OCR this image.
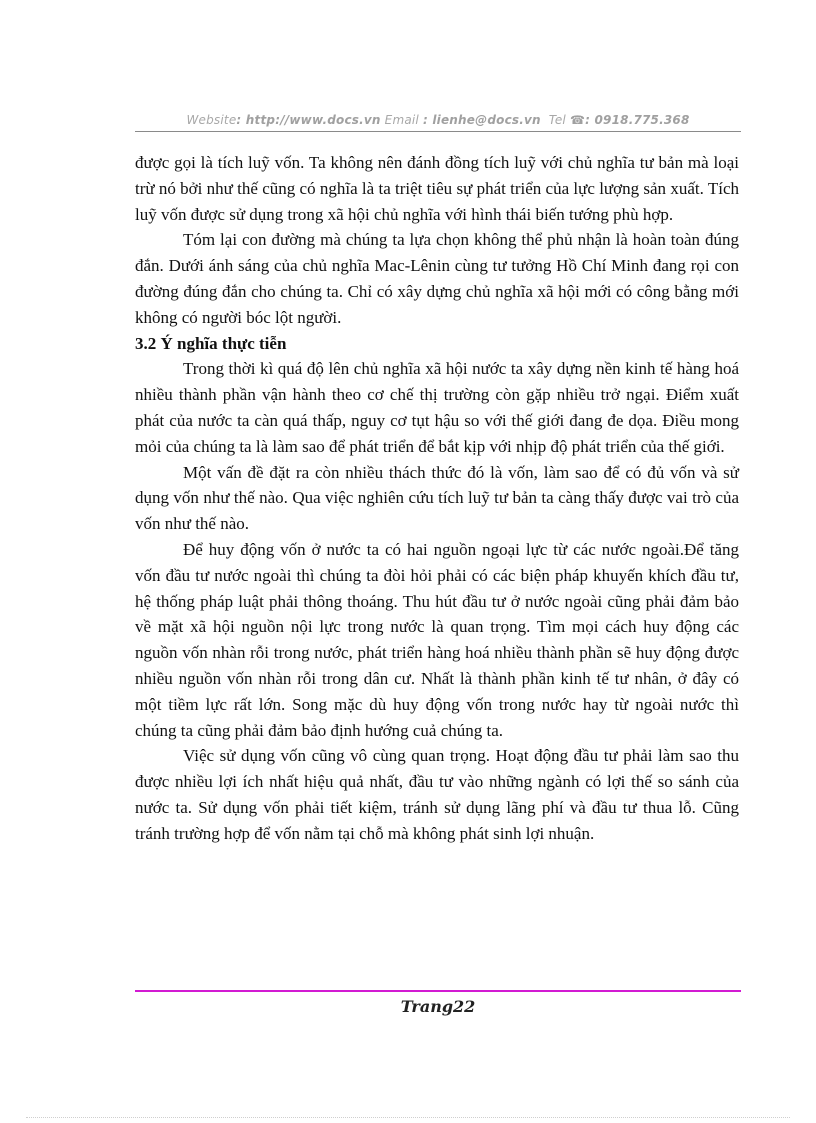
Website: http://www.docs.vn Email : lienhe@docs.vn Tel ☎: 0918.775.368

được gọi là tích luỹ vốn. Ta không nên đánh đồng tích luỹ với chủ nghĩa tư bản mà loại trừ nó bởi như thế cũng có nghĩa là ta triệt tiêu sự phát triển của lực lượng sản xuất. Tích luỹ vốn được sử dụng trong xã hội chủ nghĩa với hình thái biến tướng phù hợp.

Tóm lại con đường mà chúng ta lựa chọn không thể phủ nhận là hoàn toàn đúng đắn. Dưới ánh sáng của chủ nghĩa Mac-Lênin cùng tư tưởng Hồ Chí Minh đang rọi con đường đúng đắn cho chúng ta. Chỉ có xây dựng chủ nghĩa xã hội mới có công bằng mới không có người bóc lột người.

3.2 Ý nghĩa thực tiễn

Trong thời kì quá độ lên chủ nghĩa xã hội nước ta xây dựng nền kinh tế hàng hoá nhiều thành phần vận hành theo cơ chế thị trường còn gặp nhiều trở ngại. Điểm xuất phát của nước ta càn quá thấp, nguy cơ tụt hậu so với thế giới đang đe dọa. Điều mong mỏi của chúng ta là làm sao để phát triển để bắt kịp với nhịp độ phát triển của thế giới.

Một vấn đề đặt ra còn nhiều thách thức đó là vốn, làm sao để có đủ vốn và sử dụng vốn như thế nào. Qua việc nghiên cứu tích luỹ tư bản ta càng thấy được vai trò của vốn như thế nào.

Để huy động vốn ở nước ta có hai nguồn ngoại lực từ các nước ngoài.Để tăng vốn đầu tư nước ngoài thì chúng ta đòi hỏi phải có các biện pháp khuyến khích đầu tư, hệ thống pháp luật phải thông thoáng. Thu hút đầu tư ở nước ngoài cũng phải đảm bảo về mặt xã hội nguồn nội lực trong nước là quan trọng. Tìm mọi cách huy động các nguồn vốn nhàn rỗi trong nước, phát triển hàng hoá nhiều thành phần sẽ huy động được nhiều nguồn vốn nhàn rỗi trong dân cư. Nhất là thành phần kinh tế tư nhân, ở đây có một tiềm lực rất lớn. Song mặc dù huy động vốn trong nước hay từ ngoài nước thì chúng ta cũng phải đảm bảo định hướng cuả chúng ta.

Việc sử dụng vốn cũng vô cùng quan trọng. Hoạt động đầu tư phải làm sao thu được nhiều lợi ích nhất hiệu quả nhất, đầu tư vào những ngành có lợi thế so sánh của nước ta. Sử dụng vốn phải tiết kiệm, tránh sử dụng lãng phí và đầu tư thua lỗ. Cũng tránh trường hợp để vốn nằm tại chỗ mà không phát sinh lợi nhuận.

Trang22
